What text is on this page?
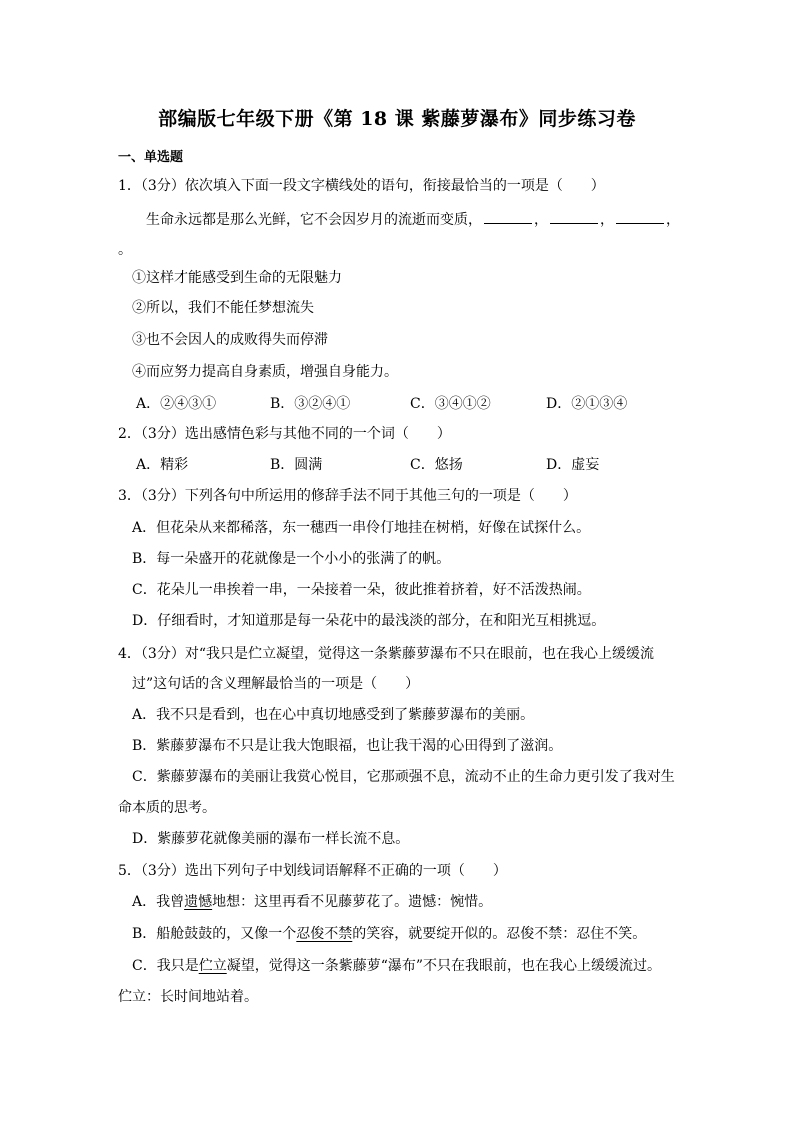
部编版七年级下册《第 18 课 紫藤萝瀑布》同步练习卷
一、单选题
1．（3分）依次填入下面一段文字横线处的语句，衔接最恰当的一项是（　　）
生命永远都是那么光鲜，它不会因岁月的流逝而变质，	，	，	，
。
①这样才能感受到生命的无限魅力
②所以，我们不能任梦想流失
③也不会因人的成败得失而停滞
④而应努力提高自身素质，增强自身能力。
A．②④③①	B．③②④①	C．③④①②	D．②①③④
2．（3分）选出感情色彩与其他不同的一个词（　　）
A．精彩	B．圆满	C．悠扬	D．虚妄
3．（3分）下列各句中所运用的修辞手法不同于其他三句的一项是（　　）
A．但花朵从来都稀落，东一穗西一串伶仃地挂在树梢，好像在试探什么。
B．每一朵盛开的花就像是一个小小的张满了的帆。
C．花朵儿一串挨着一串，一朵接着一朵，彼此推着挤着，好不活泼热闹。
D．仔细看时，才知道那是每一朵花中的最浅淡的部分，在和阳光互相挑逗。
4．（3分）对“我只是伫立凝望，觉得这一条紫藤萝瀑布不只在眼前，也在我心上缓缓流
过”这句话的含义理解最恰当的一项是（　　）
A．我不只是看到，也在心中真切地感受到了紫藤萝瀑布的美丽。
B．紫藤萝瀑布不只是让我大饱眼福，也让我干渴的心田得到了滋润。
C．紫藤萝瀑布的美丽让我赏心悦目，它那顽强不息，流动不止的生命力更引发了我对生
命本质的思考。
D．紫藤萝花就像美丽的瀑布一样长流不息。
5．（3分）选出下列句子中划线词语解释不正确的一项（　　）
A．我曾遗憾地想：这里再看不见藤萝花了。遗憾：惋惜。
B．船舱鼓鼓的，又像一个忍俊不禁的笑容，就要绽开似的。忍俊不禁：忍住不笑。
C．我只是伫立凝望，觉得这一条紫藤萝“瀑布”不只在我眼前，也在我心上缓缓流过。
伫立：长时间地站着。
